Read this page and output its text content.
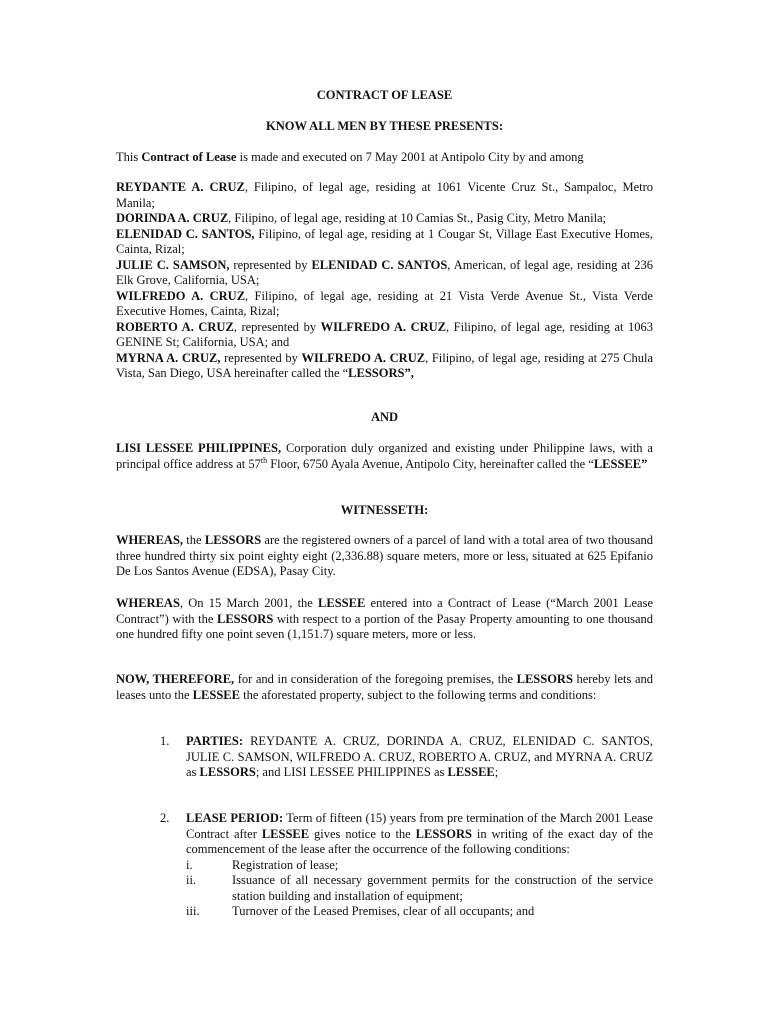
CONTRACT OF LEASE
KNOW ALL MEN BY THESE PRESENTS:
This Contract of Lease is made and executed on 7 May 2001 at Antipolo City by and among

REYDANTE A. CRUZ, Filipino, of legal age, residing at 1061 Vicente Cruz St., Sampaloc, Metro Manila;

DORINDA A. CRUZ, Filipino, of legal age, residing at 10 Camias St., Pasig City, Metro Manila;

ELENIDAD C. SANTOS, Filipino, of legal age, residing at 1 Cougar St, Village East Executive Homes, Cainta, Rizal;

JULIE C. SAMSON, represented by ELENIDAD C. SANTOS, American, of legal age, residing at 236 Elk Grove, California, USA;

WILFREDO A. CRUZ, Filipino, of legal age, residing at 21 Vista Verde Avenue St., Vista Verde Executive Homes, Cainta, Rizal;

ROBERTO A. CRUZ, represented by WILFREDO A. CRUZ, Filipino, of legal age, residing at 1063 GENINE St; California, USA; and

MYRNA A. CRUZ, represented by WILFREDO A. CRUZ, Filipino, of legal age, residing at 275 Chula Vista, San Diego, USA hereinafter called the “LESSORS”,

AND
LISI LESSEE PHILIPPINES, Corporation duly organized and existing under Philippine laws, with a principal office address at 57th Floor, 6750 Ayala Avenue, Antipolo City, hereinafter called the “LESSEE”
WITNESSETH:
WHEREAS, the LESSORS are the registered owners of a parcel of land with a total area of two thousand three hundred thirty six point eighty eight (2,336.88) square meters, more or less, situated at 625 Epifanio De Los Santos Avenue (EDSA), Pasay City.
WHEREAS, On 15 March 2001, the LESSEE entered into a Contract of Lease (“March 2001 Lease Contract”) with the LESSORS with respect to a portion of the Pasay Property amounting to one thousand one hundred fifty one point seven (1,151.7) square meters, more or less.
NOW, THEREFORE, for and in consideration of the foregoing premises, the LESSORS hereby lets and leases unto the LESSEE the aforestated property, subject to the following terms and conditions:
1. PARTIES: REYDANTE A. CRUZ, DORINDA A. CRUZ, ELENIDAD C. SANTOS, JULIE C. SAMSON, WILFREDO A. CRUZ, ROBERTO A. CRUZ, and MYRNA A. CRUZ as LESSORS; and LISI LESSEE PHILIPPINES as LESSEE;
2. LEASE PERIOD: Term of fifteen (15) years from pre termination of the March 2001 Lease Contract after LESSEE gives notice to the LESSORS in writing of the exact day of the commencement of the lease after the occurrence of the following conditions:
i.	Registration of lease;
ii.	Issuance of all necessary government permits for the construction of the service station building and installation of equipment;
iii.	Turnover of the Leased Premises, clear of all occupants; and
